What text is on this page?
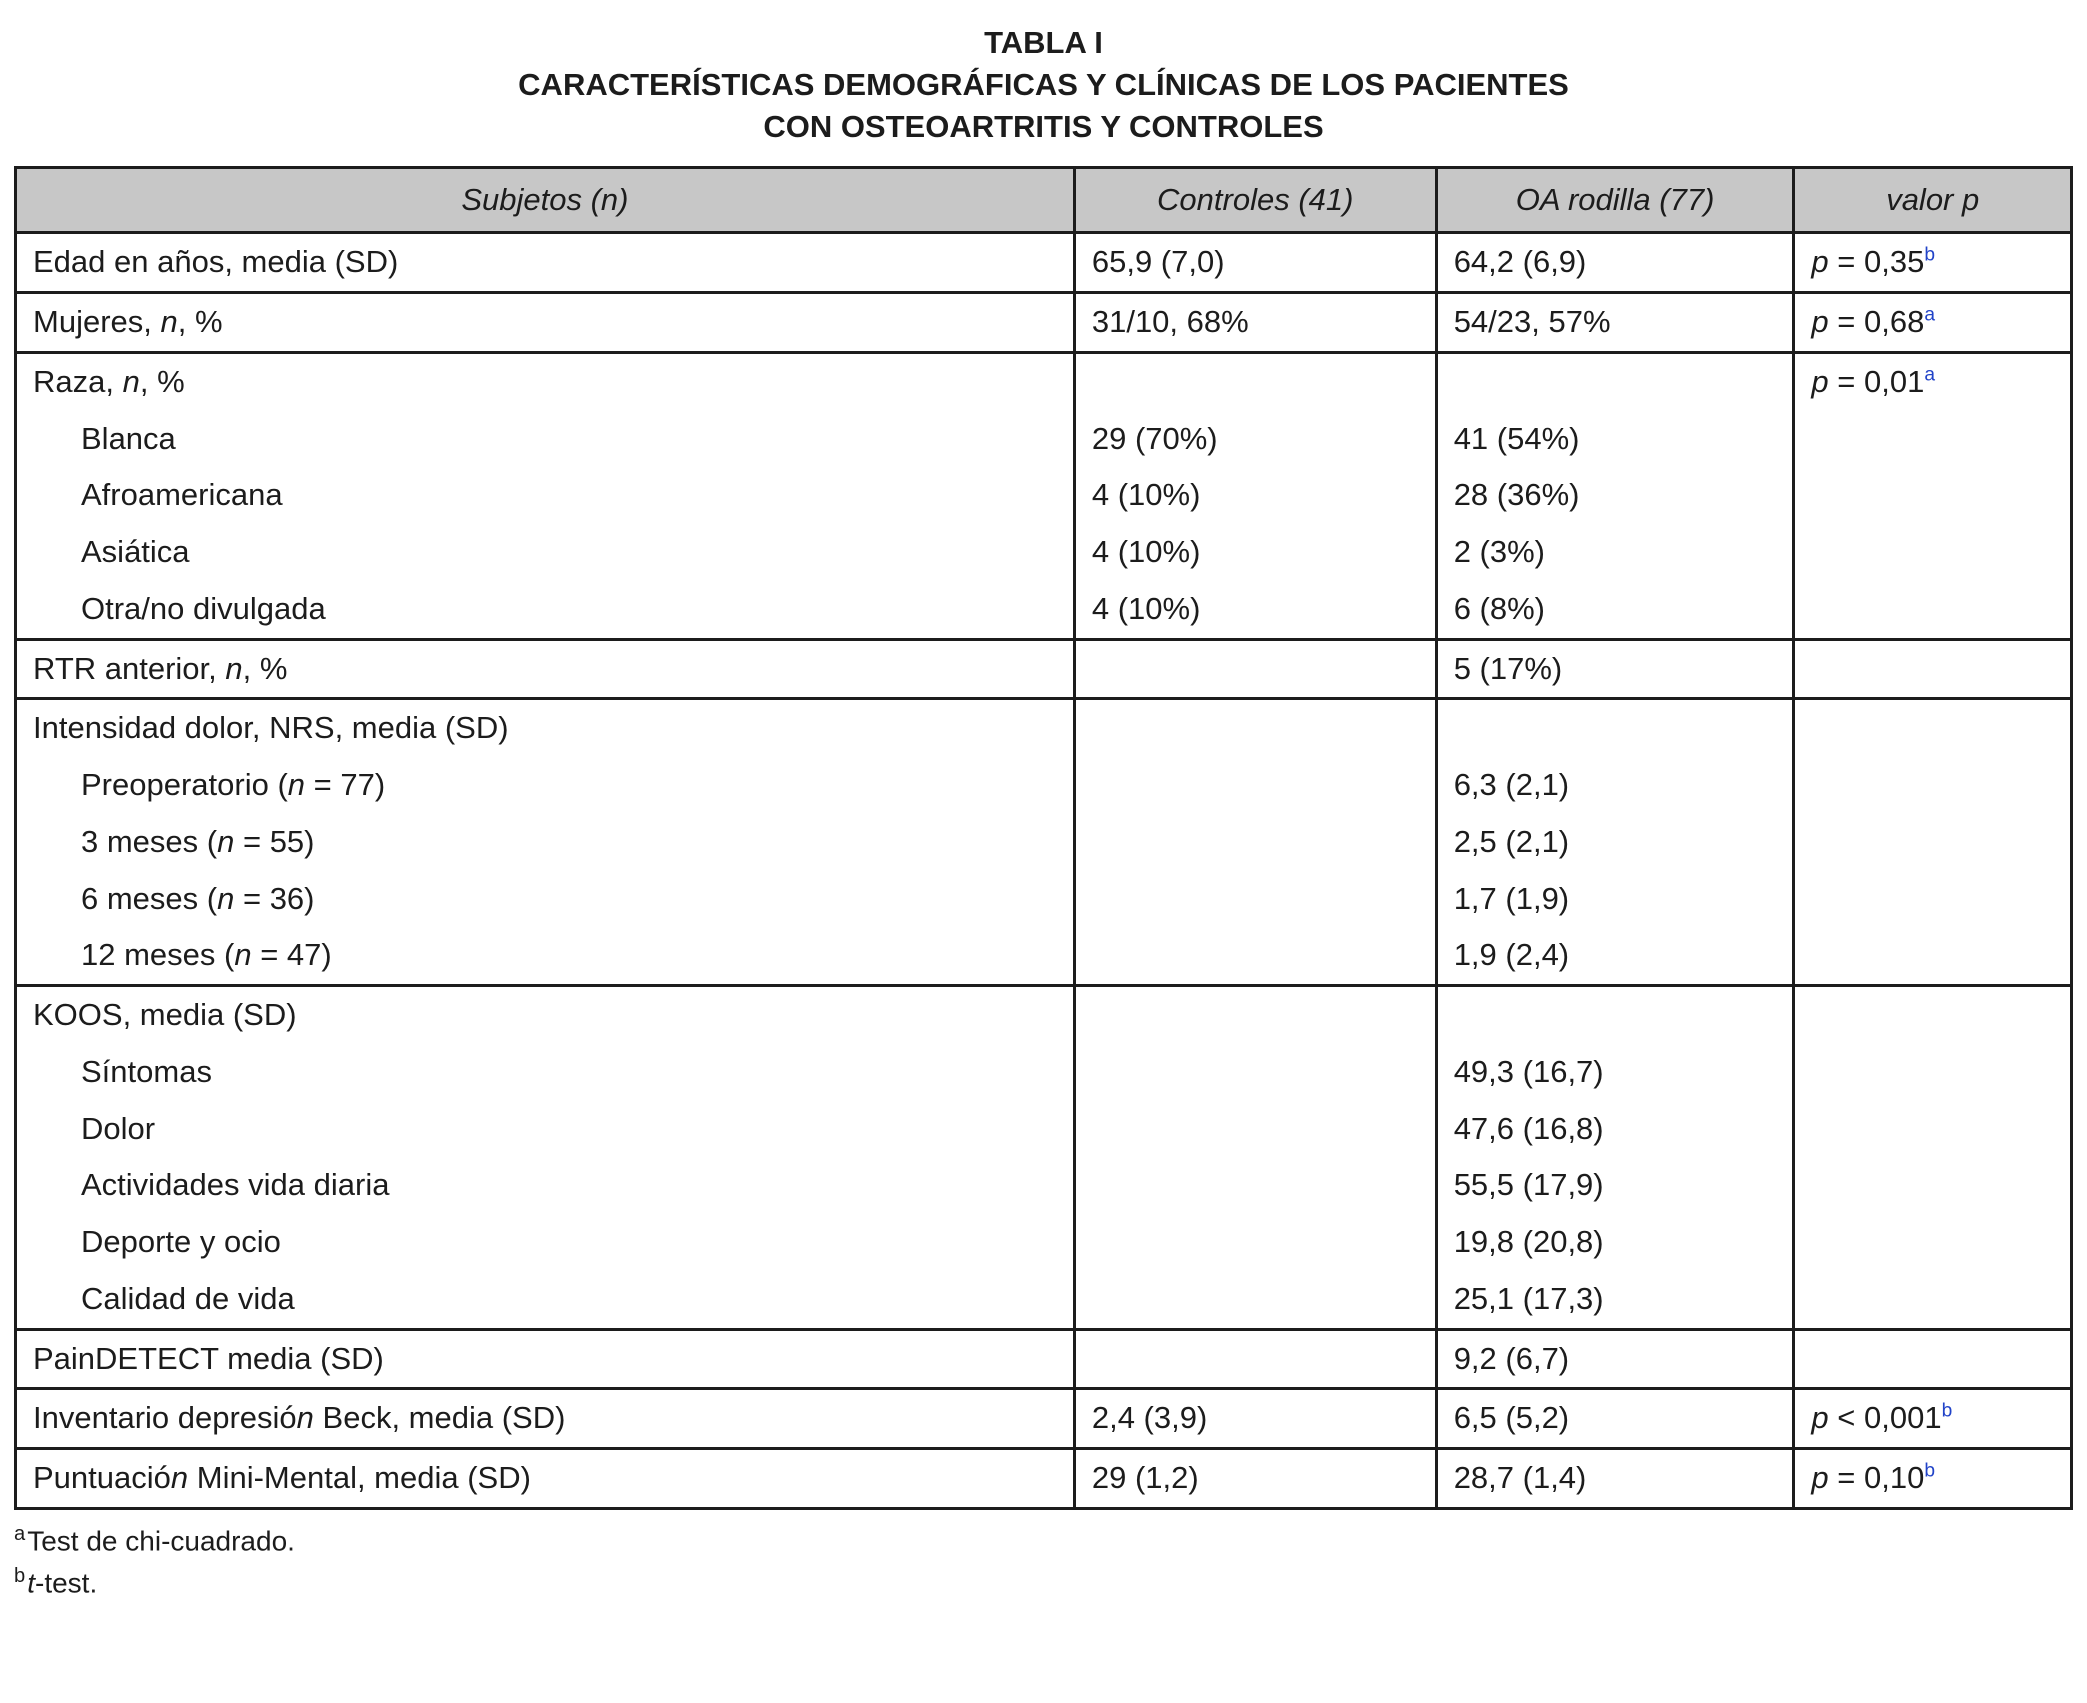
TABLA I
CARACTERÍSTICAS DEMOGRÁFICAS Y CLÍNICAS DE LOS PACIENTES
CON OSTEOARTRITIS Y CONTROLES
Subjetos (n)	Controles (41)	OA rodilla (77)	valor p
Edad en años, media (SD)	65,9 (7,0)	64,2 (6,9)	p = 0,35$^b$
Mujeres, n, %	31/10, 68%	54/23, 57%	p = 0,68$^a$
Raza, n, %			p = 0,01$^a$
Blanca	29 (70%)	41 (54%)	
Afroamericana	4 (10%)	28 (36%)	
Asiática	4 (10%)	2 (3%)	
Otra/no divulgada	4 (10%)	6 (8%)	
RTR anterior, n, %		5 (17%)	
Intensidad dolor, NRS, media (SD)			
Preoperatorio (n = 77)		6,3 (2,1)	
3 meses (n = 55)		2,5 (2,1)	
6 meses (n = 36)		1,7 (1,9)	
12 meses (n = 47)		1,9 (2,4)	
KOOS, media (SD)			
Síntomas		49,3 (16,7)	
Dolor		47,6 (16,8)	
Actividades vida diaria		55,5 (17,9)	
Deporte y ocio		19,8 (20,8)	
Calidad de vida		25,1 (17,3)	
PainDETECT media (SD)		9,2 (6,7)	
Inventario depresión Beck, media (SD)	2,4 (3,9)	6,5 (5,2)	p < 0,001$^b$
Puntuación Mini-Mental, media (SD)	29 (1,2)	28,7 (1,4)	p = 0,10$^b$
$^a$Test de chi-cuadrado.
$^b$t-test.
